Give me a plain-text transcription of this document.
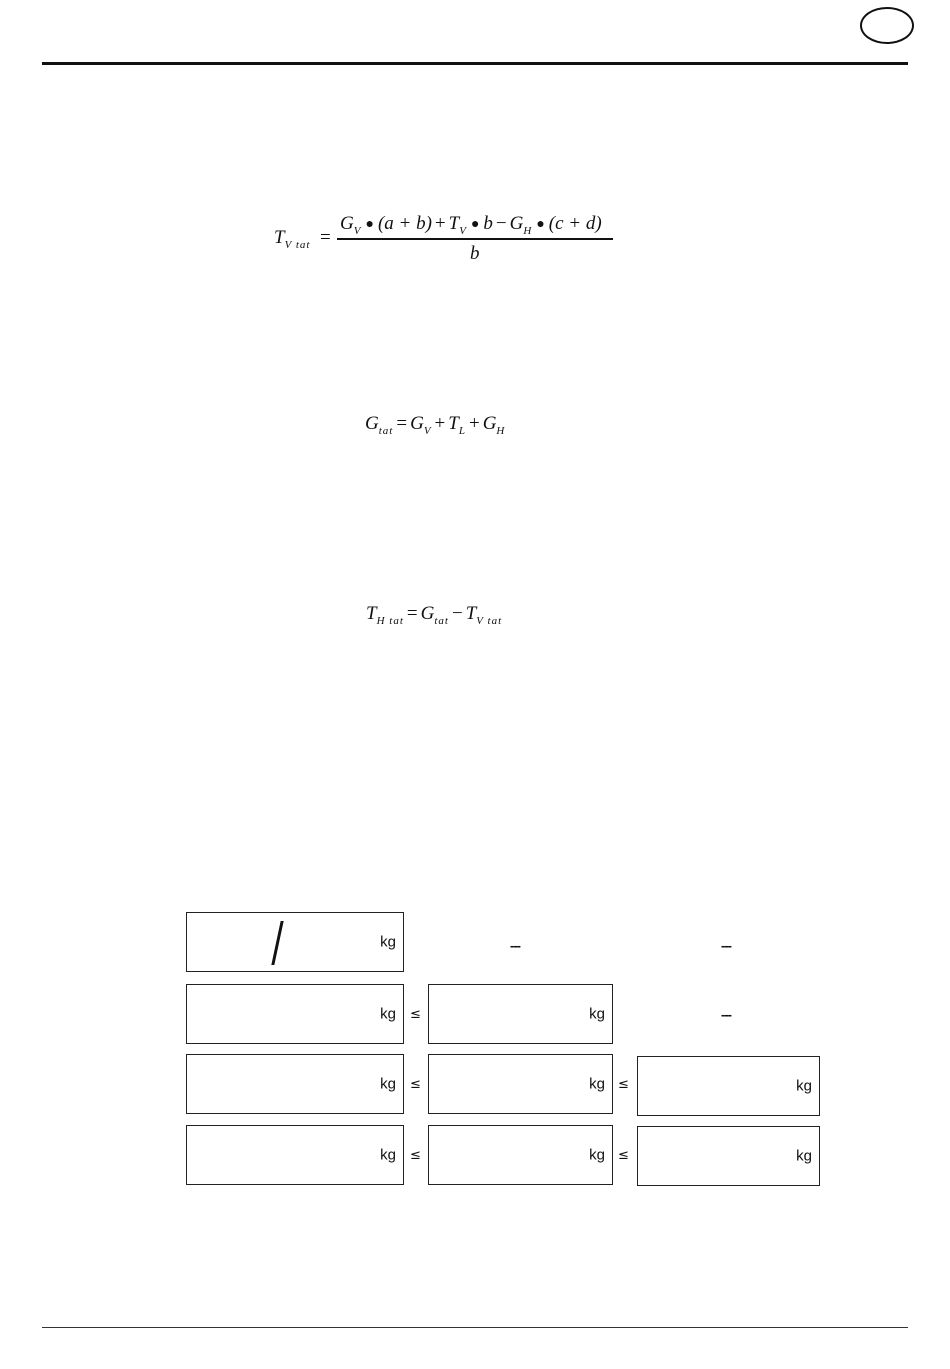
$T_{V tat}$ =
$G_V$ ● $(a + b) + T_V$ ● $b - G_H$ ● (c + d)
b
$G_{tat} = G_V + T_L + G_H$
$T_{H tat} = G_{tat} - T_{V tat}$
kg	---	---
kg ≤	kg	---
kg ≤	kg ≤	kg
kg ≤	kg ≤	kg
